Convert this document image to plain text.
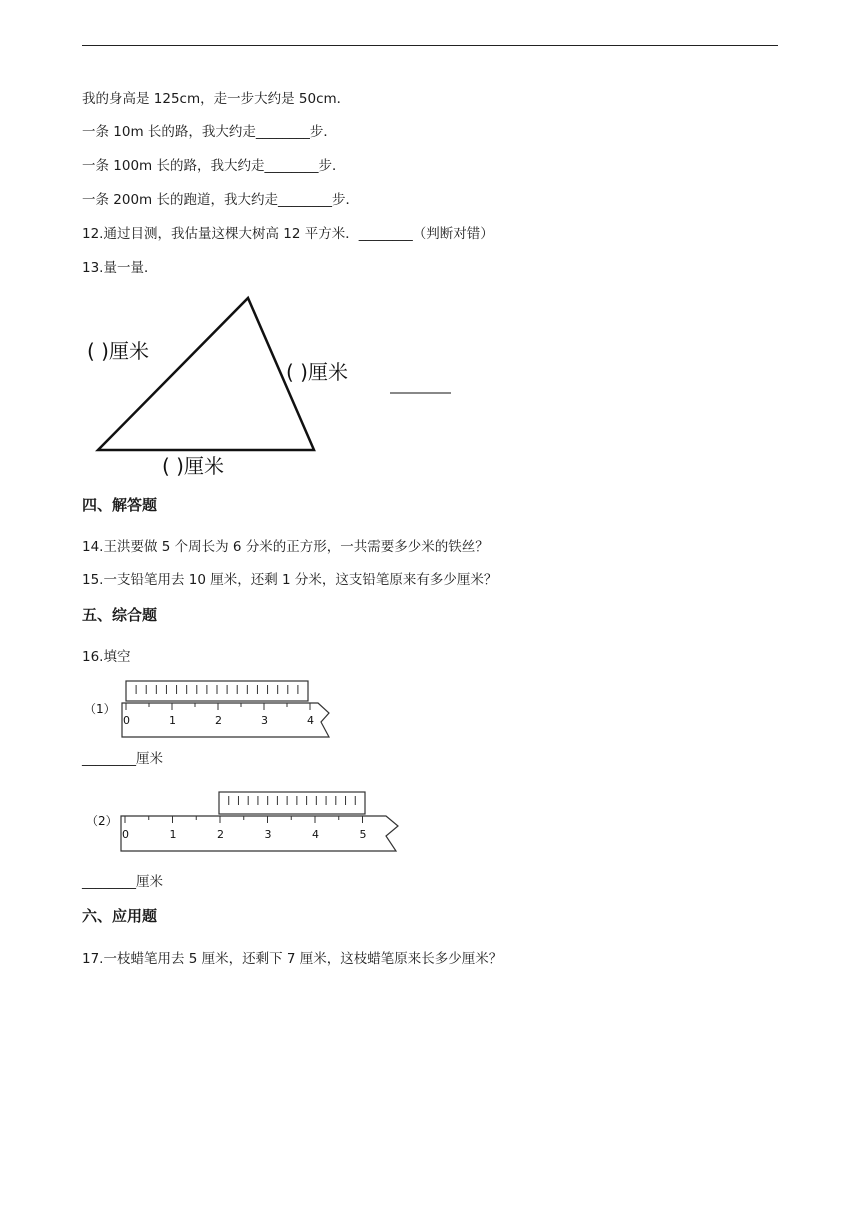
我的身高是 125cm，走一步大约是 50cm．
一条 10m 长的路，我大约走________步．
一条 100m 长的路，我大约走________步．
一条 200m 长的跑道，我大约走________步．
12.通过目测，我估量这棵大树高 12 平方米．________（判断对错）
13.量一量．
( )厘米
( )厘米
( )厘米
四、解答题
14.王洪要做 5 个周长为 6 分米的正方形，一共需要多少米的铁丝？
15.一支铅笔用去 10 厘米，还剩 1 分米，这支铅笔原来有多少厘米？
五、综合题
16.填空
（1）
0	1	2	3	4
________厘米
（2）
0	1	2	3	4	5
________厘米
六、应用题
17.一枝蜡笔用去 5 厘米，还剩下 7 厘米，这枝蜡笔原来长多少厘米？
